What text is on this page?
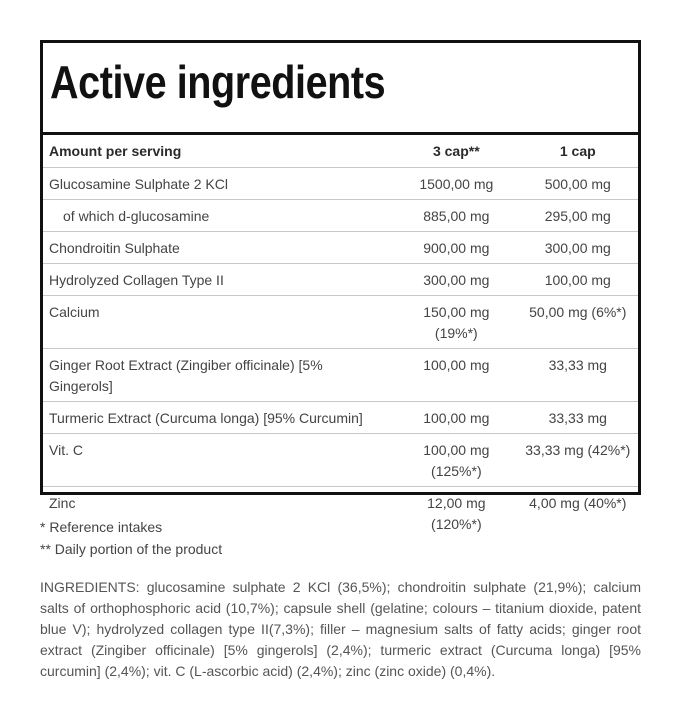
Active ingredients
Amount per serving	3 cap**	1 cap
Glucosamine Sulphate 2 KCl	1500,00 mg	500,00 mg
of which d-glucosamine	885,00 mg	295,00 mg
Chondroitin Sulphate	900,00 mg	300,00 mg
Hydrolyzed Collagen Type II	300,00 mg	100,00 mg
Calcium	150,00 mg (19%*)	50,00 mg (6%*)
Ginger Root Extract (Zingiber officinale) [5% Gingerols]	100,00 mg	33,33 mg
Turmeric Extract (Curcuma longa) [95% Curcumin]	100,00 mg	33,33 mg
Vit. C	100,00 mg (125%*)	33,33 mg (42%*)
Zinc	12,00 mg (120%*)	4,00 mg (40%*)
* Reference intakes
** Daily portion of the product
INGREDIENTS: glucosamine sulphate 2 KCl (36,5%); chondroitin sulphate (21,9%); calcium salts of orthophosphoric acid (10,7%); capsule shell (gelatine; colours – titanium dioxide, patent blue V); hydrolyzed collagen type II(7,3%); filler – magnesium salts of fatty acids; ginger root extract (Zingiber officinale) [5% gingerols] (2,4%); turmeric extract (Curcuma longa) [95% curcumin] (2,4%); vit. C (L-ascorbic acid) (2,4%); zinc (zinc oxide) (0,4%).
